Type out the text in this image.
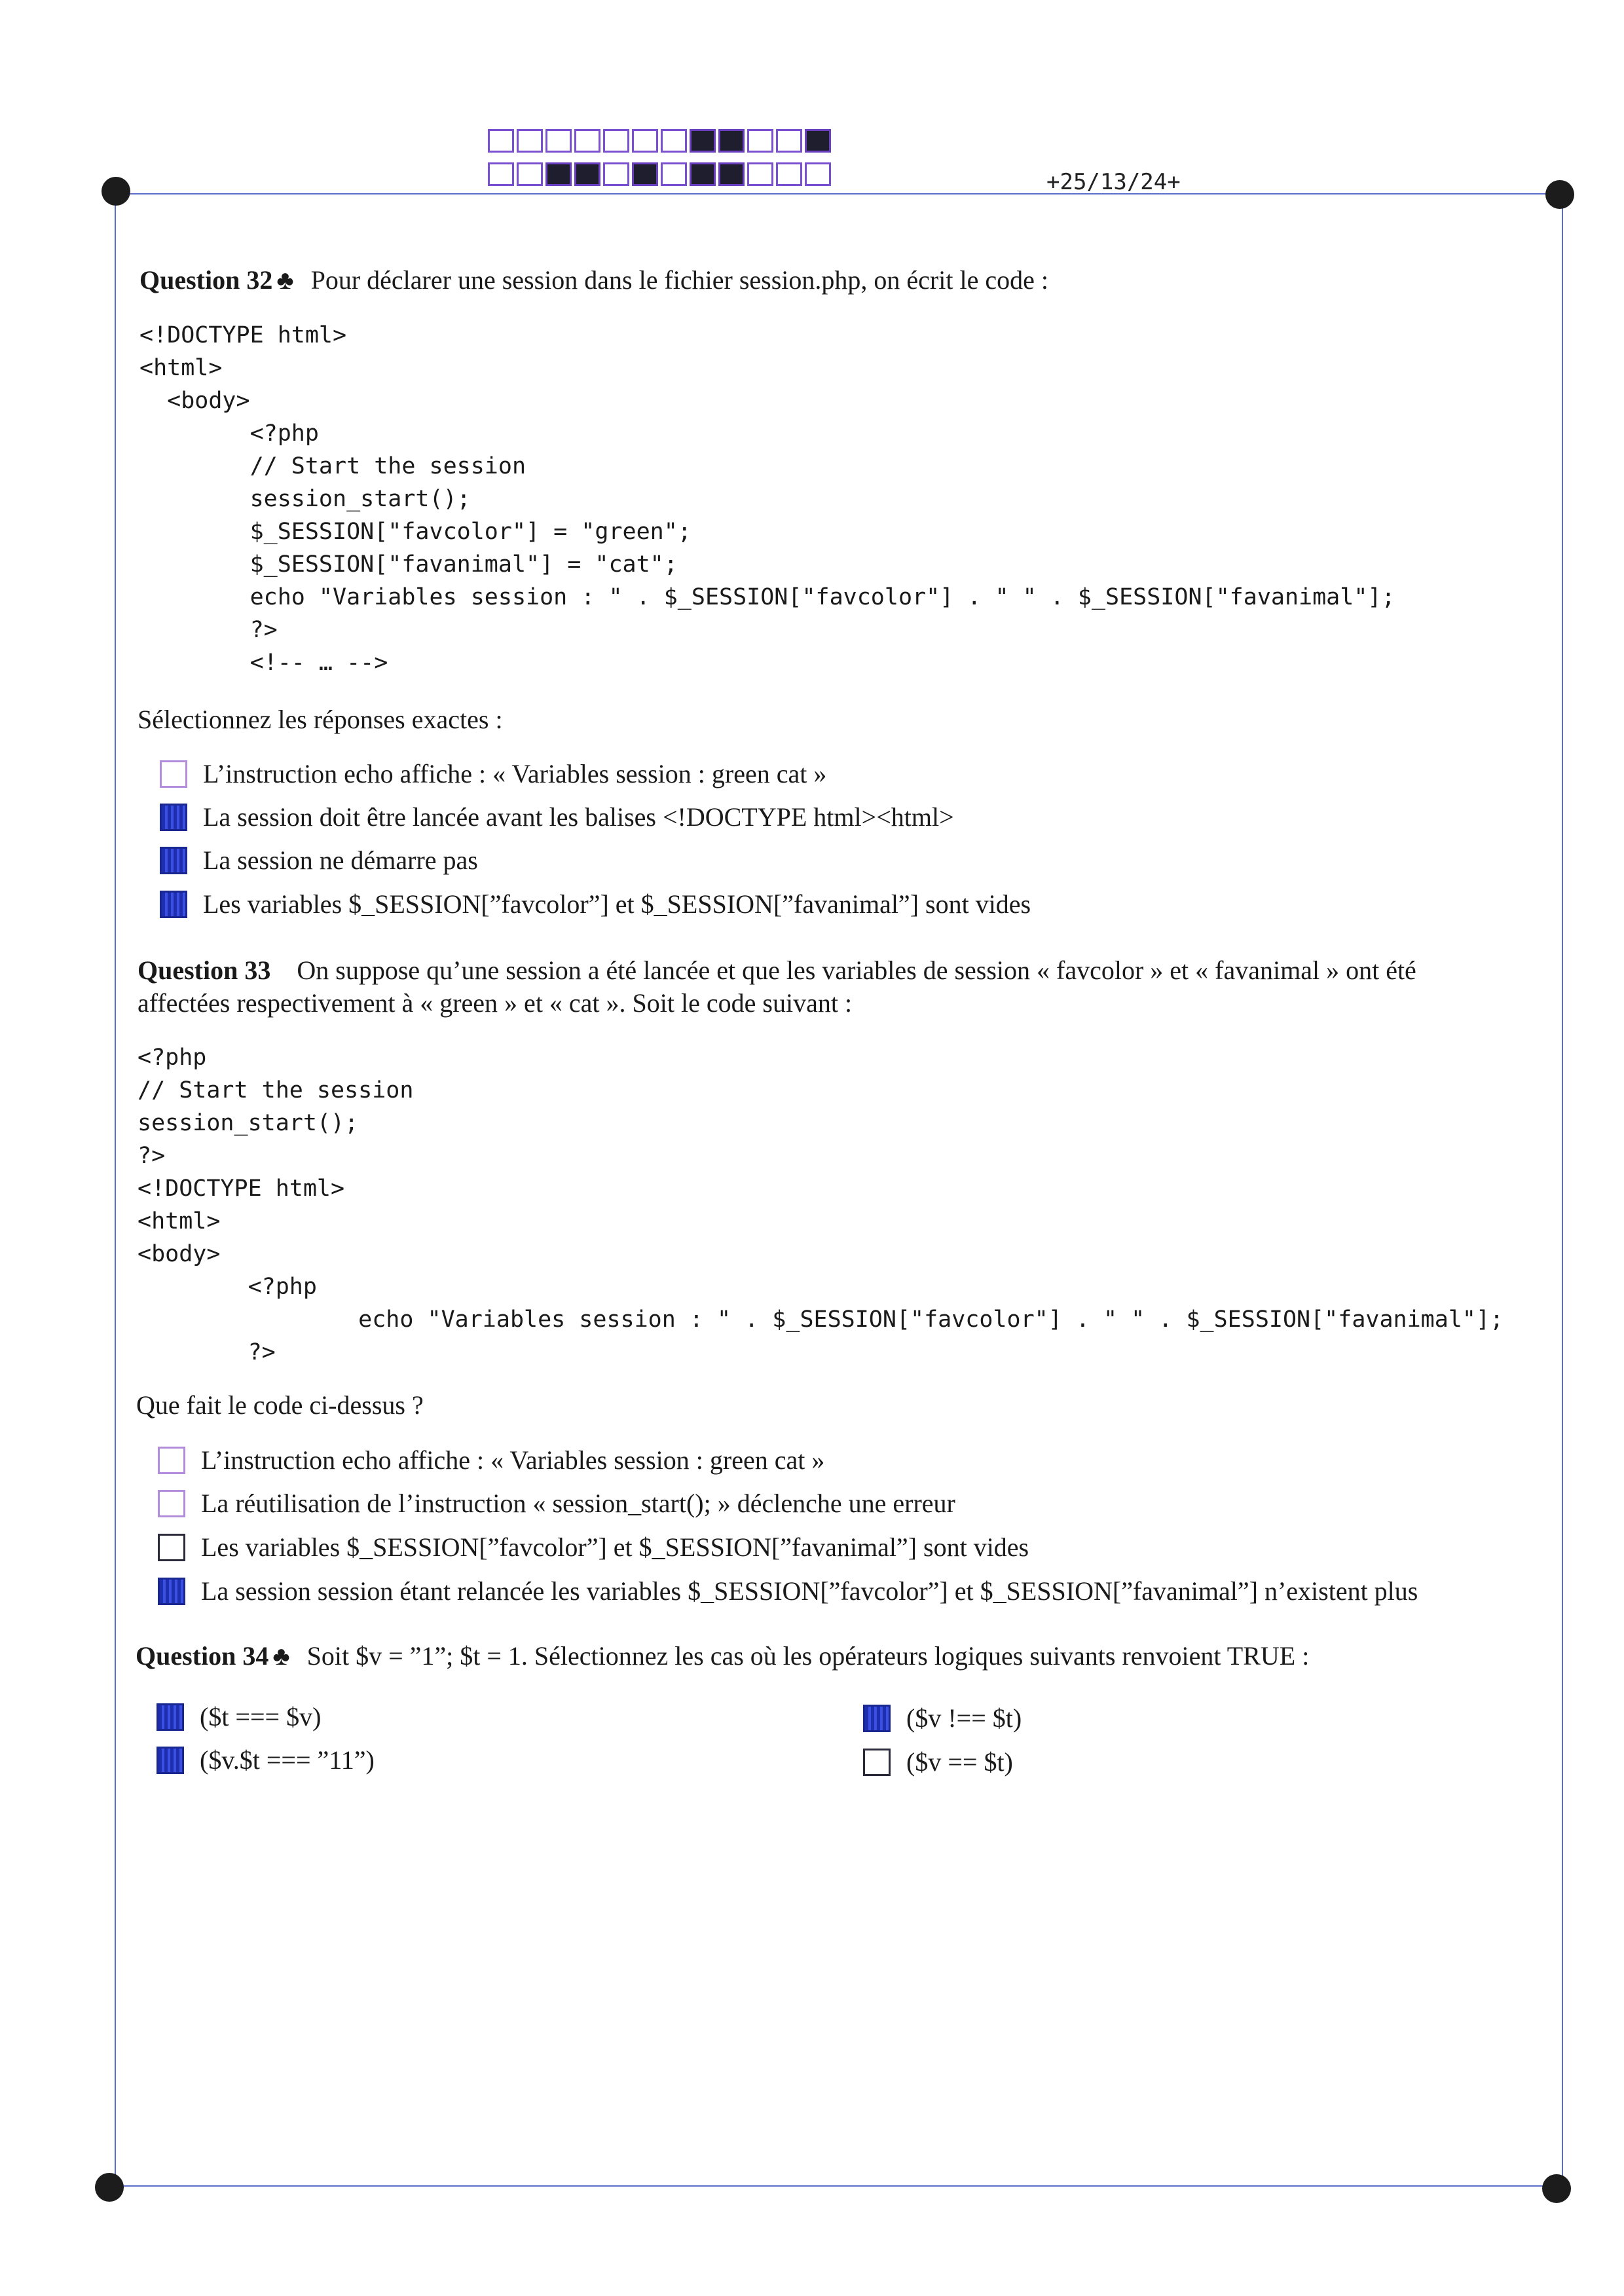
+25/13/24+
Question 32 ♣ Pour déclarer une session dans le fichier session.php, on écrit le code :
<!DOCTYPE html>
<html>
<body>
<?php
// Start the session
session_start();
$_SESSION["favcolor"] = "green";
$_SESSION["favanimal"] = "cat";
echo "Variables session : " . $_SESSION["favcolor"] . " " . $_SESSION["favanimal"];
?>
<!-- … -->
Sélectionnez les réponses exactes :
L’instruction echo affiche : « Variables session : green cat »
La session doit être lancée avant les balises <!DOCTYPE html><html>
La session ne démarre pas
Les variables $_SESSION[”favcolor”] et $_SESSION[”favanimal”] sont vides
Question 33 On suppose qu’une session a été lancée et que les variables de session « favcolor » et « favanimal » ont été
affectées respectivement à « green » et « cat ». Soit le code suivant :
<?php
// Start the session
session_start();
?>
<!DOCTYPE html>
<html>
<body>
<?php
echo "Variables session : " . $_SESSION["favcolor"] . " " . $_SESSION["favanimal"];
?>
Que fait le code ci-dessus ?
L’instruction echo affiche : « Variables session : green cat »
La réutilisation de l’instruction « session_start(); » déclenche une erreur
Les variables $_SESSION[”favcolor”] et $_SESSION[”favanimal”] sont vides
La session session étant relancée les variables $_SESSION[”favcolor”] et $_SESSION[”favanimal”] n’existent plus
Question 34 ♣ Soit $v = ”1”; $t = 1. Sélectionnez les cas où les opérateurs logiques suivants renvoient TRUE :
($t === $v)
($v.$t === ”11”)
($v !== $t)
($v == $t)
